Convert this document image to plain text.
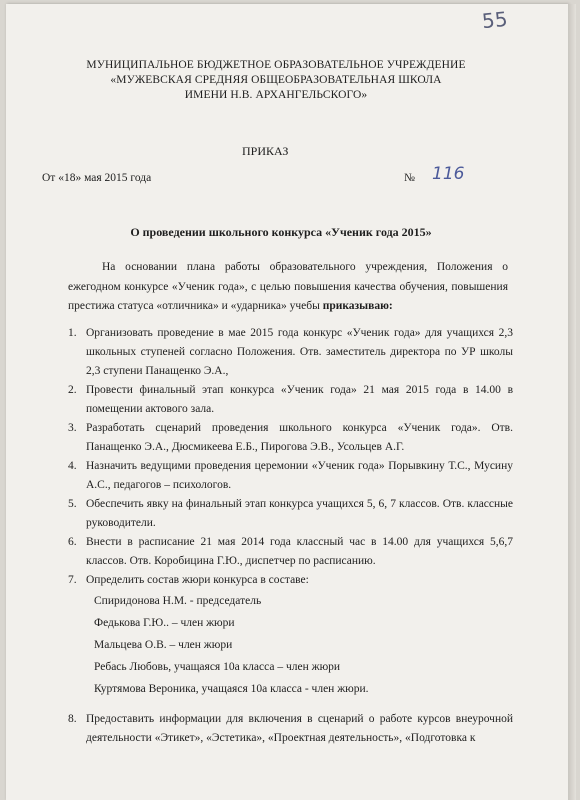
55
МУНИЦИПАЛЬНОЕ БЮДЖЕТНОЕ ОБРАЗОВАТЕЛЬНОЕ УЧРЕЖДЕНИЕ
«МУЖЕВСКАЯ СРЕДНЯЯ ОБЩЕОБРАЗОВАТЕЛЬНАЯ ШКОЛА
ИМЕНИ Н.В. АРХАНГЕЛЬСКОГО»
ПРИКАЗ
От «18» мая 2015 года	№ 116
О проведении школьного конкурса «Ученик года 2015»
На основании плана работы образовательного учреждения, Положения о ежегодном конкурсе «Ученик года», с целью повышения качества обучения, повышения престижа статуса «отличника» и «ударника» учебы приказываю:
1. Организовать проведение в мае 2015 года конкурс «Ученик года» для учащихся 2,3 школьных ступеней согласно Положения. Отв. заместитель директора по УР школы 2,3 ступени Панащенко Э.А.,
2. Провести финальный этап конкурса «Ученик года» 21 мая 2015 года в 14.00 в помещении актового зала.
3. Разработать сценарий проведения школьного конкурса «Ученик года». Отв. Панащенко Э.А., Дюсмикеева Е.Б., Пирогова Э.В., Усольцев А.Г.
4. Назначить ведущими проведения церемонии «Ученик года» Порывкину Т.С., Мусину А.С., педагогов – психологов.
5. Обеспечить явку на финальный этап конкурса учащихся 5, 6, 7 классов. Отв. классные руководители.
6. Внести в расписание 21 мая 2014 года классный час в 14.00 для учащихся 5,6,7 классов. Отв. Коробицина Г.Ю., диспетчер по расписанию.
7. Определить состав жюри конкурса в составе:
Спиридонова Н.М. - председатель
Федькова Г.Ю.. – член жюри
Мальцева О.В. – член жюри
Ребась Любовь, учащаяся 10а класса – член жюри
Куртямова Вероника, учащаяся 10а класса - член жюри.
8. Предоставить информации для включения в сценарий о работе курсов внеурочной деятельности «Этикет», «Эстетика», «Проектная деятельность», «Подготовка к
